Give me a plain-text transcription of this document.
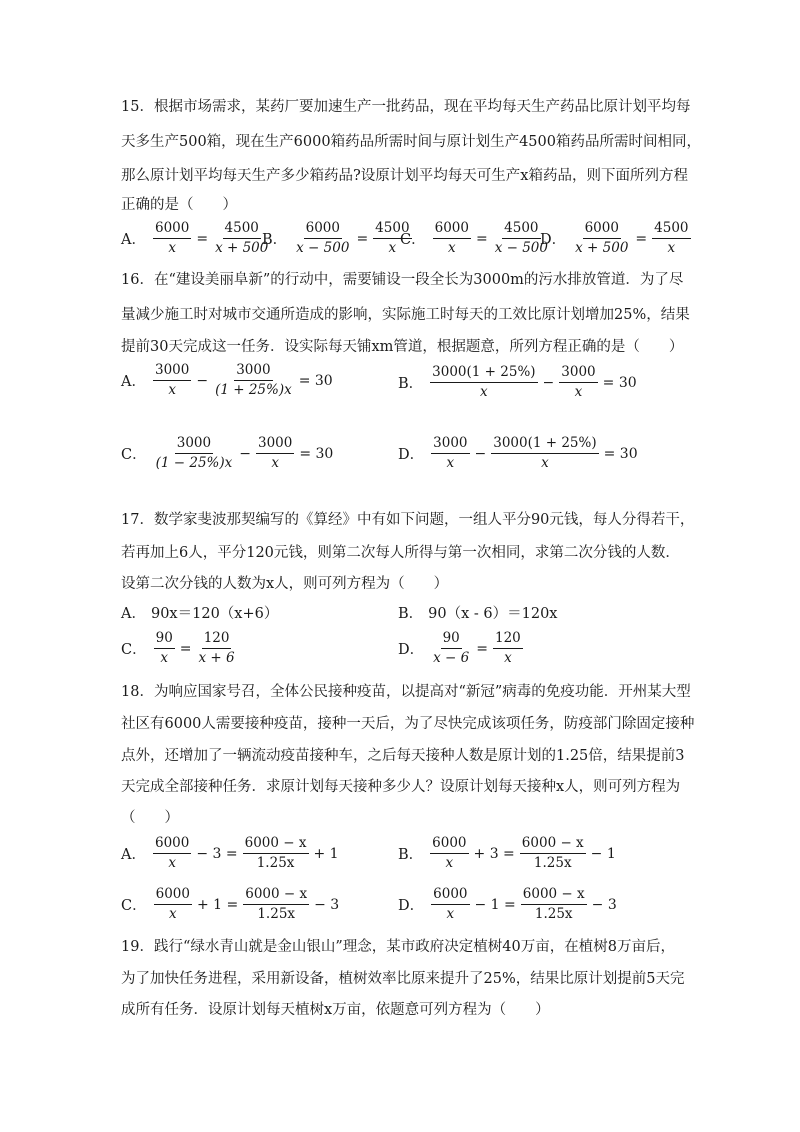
15．根据市场需求，某药厂要加速生产一批药品，现在平均每天生产药品比原计划平均每
天多生产500箱，现在生产6000箱药品所需时间与原计划生产4500箱药品所需时间相同，
那么原计划平均每天生产多少箱药品?设原计划平均每天可生产x箱药品，则下面所列方程
正确的是（　　）
A． $\frac{6000}{x} = \frac{4500}{x + 500}$
B． $\frac{6000}{x - 500} = \frac{4500}{x}$
C． $\frac{6000}{x} = \frac{4500}{x - 500}$
D． $\frac{6000}{x + 500} = \frac{4500}{x}$
16．在“建设美丽阜新”的行动中，需要铺设一段全长为3000m的污水排放管道．为了尽
量减少施工时对城市交通所造成的影响，实际施工时每天的工效比原计划增加25%，结果
提前30天完成这一任务．设实际每天铺xm管道，根据题意，所列方程正确的是（　　）
A． $\frac{3000}{x} - \frac{3000}{(1 + 25\%)x} = 30$	B． $\frac{3000(1 + 25\%)}{x} - \frac{3000}{x} = 30$
C． $\frac{3000}{(1 - 25\%)x} - \frac{3000}{x} = 30$	D． $\frac{3000}{x} - \frac{3000(1 + 25\%)}{x} = 30$
17．数学家斐波那契编写的《算经》中有如下问题，一组人平分90元钱，每人分得若干，
若再加上6人，平分120元钱，则第二次每人所得与第一次相同，求第二次分钱的人数．
设第二次分钱的人数为x人，则可列方程为（　　）
A． 90x＝120（x+6）	B． 90（x - 6）＝120x
C． $\frac{90}{x} = \frac{120}{x + 6}$	D． $\frac{90}{x - 6} = \frac{120}{x}$
18．为响应国家号召，全体公民接种疫苗，以提高对“新冠”病毒的免疫功能．开州某大型
社区有6000人需要接种疫苗，接种一天后，为了尽快完成该项任务，防疫部门除固定接种
点外，还增加了一辆流动疫苗接种车，之后每天接种人数是原计划的1.25倍，结果提前3
天完成全部接种任务．求原计划每天接种多少人？设原计划每天接种x人，则可列方程为
（　　）
A． $\frac{6000}{x} - 3 = \frac{6000 - x}{1.25x} + 1$	B． $\frac{6000}{x} + 3 = \frac{6000 - x}{1.25x} - 1$
C． $\frac{6000}{x} + 1 = \frac{6000 - x}{1.25x} - 3$	D． $\frac{6000}{x} - 1 = \frac{6000 - x}{1.25x} - 3$
19．践行“绿水青山就是金山银山”理念，某市政府决定植树40万亩，在植树8万亩后，
为了加快任务进程，采用新设备，植树效率比原来提升了25%，结果比原计划提前5天完
成所有任务．设原计划每天植树x万亩，依题意可列方程为（　　）
